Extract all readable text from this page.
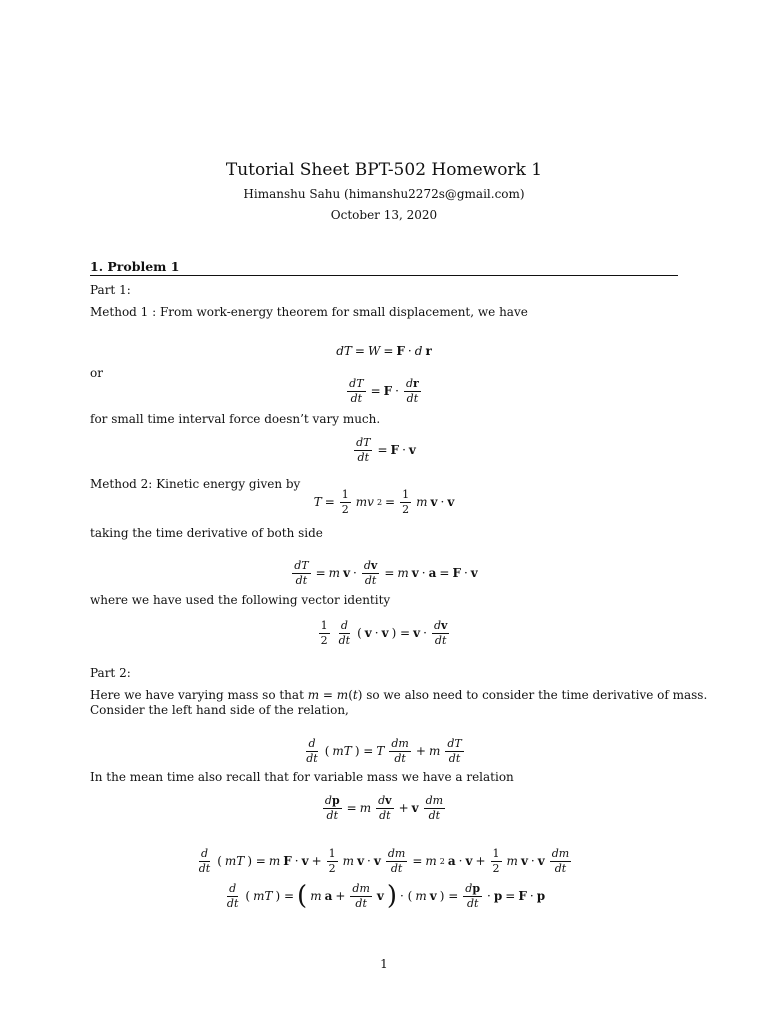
Tutorial Sheet BPT-502 Homework 1
Himanshu Sahu (himanshu2272s@gmail.com)
October 13, 2020
1. Problem 1
Part 1:
Method 1 : From work-energy theorem for small displacement, we have
dT = W = F · d r
or
$\frac{dT}{dt} = F \cdot \frac{dr}{dt}$
for small time interval force doesn’t vary much.
$\frac{dT}{dt} = F \cdot v$
Method 2: Kinetic energy given by
$T = \frac{1}{2}$ mv $2 = \frac{1}{2}$ m v · v
taking the time derivative of both side
$\frac{dT}{dt} = m$ $v \cdot \frac{dv}{dt} = m$ v · a = F · v
where we have used the following vector identity
$\frac{1}{2} \frac{d}{dt}$ ( v · v ) = $v \cdot \frac{dv}{dt}$
Part 2:
Here we have varying mass so that m = m(t) so we also need to consider the time derivative of mass.
Consider the left hand side of the relation,
$\frac{d}{dt}$ ( mT ) = T $\frac{dm}{dt} + m \frac{dT}{dt}$
In the mean time also recall that for variable mass we have a relation
$\frac{dp}{dt} = m \frac{dv}{dt} + v \frac{dm}{dt}$
$\frac{d}{dt}$ ( mT ) = m $F \cdot v + \frac{1}{2}$ m v · v $\frac{dm}{dt} = m$ 2 $a \cdot v + \frac{1}{2}$ m v · v $\frac{dm}{dt}$
$\frac{d}{dt}$ ( mT ) = ( m $a + \frac{dm}{dt}$ v ) · ( m v ) = $\frac{dp}{dt} \cdot p = F \cdot p$
1
